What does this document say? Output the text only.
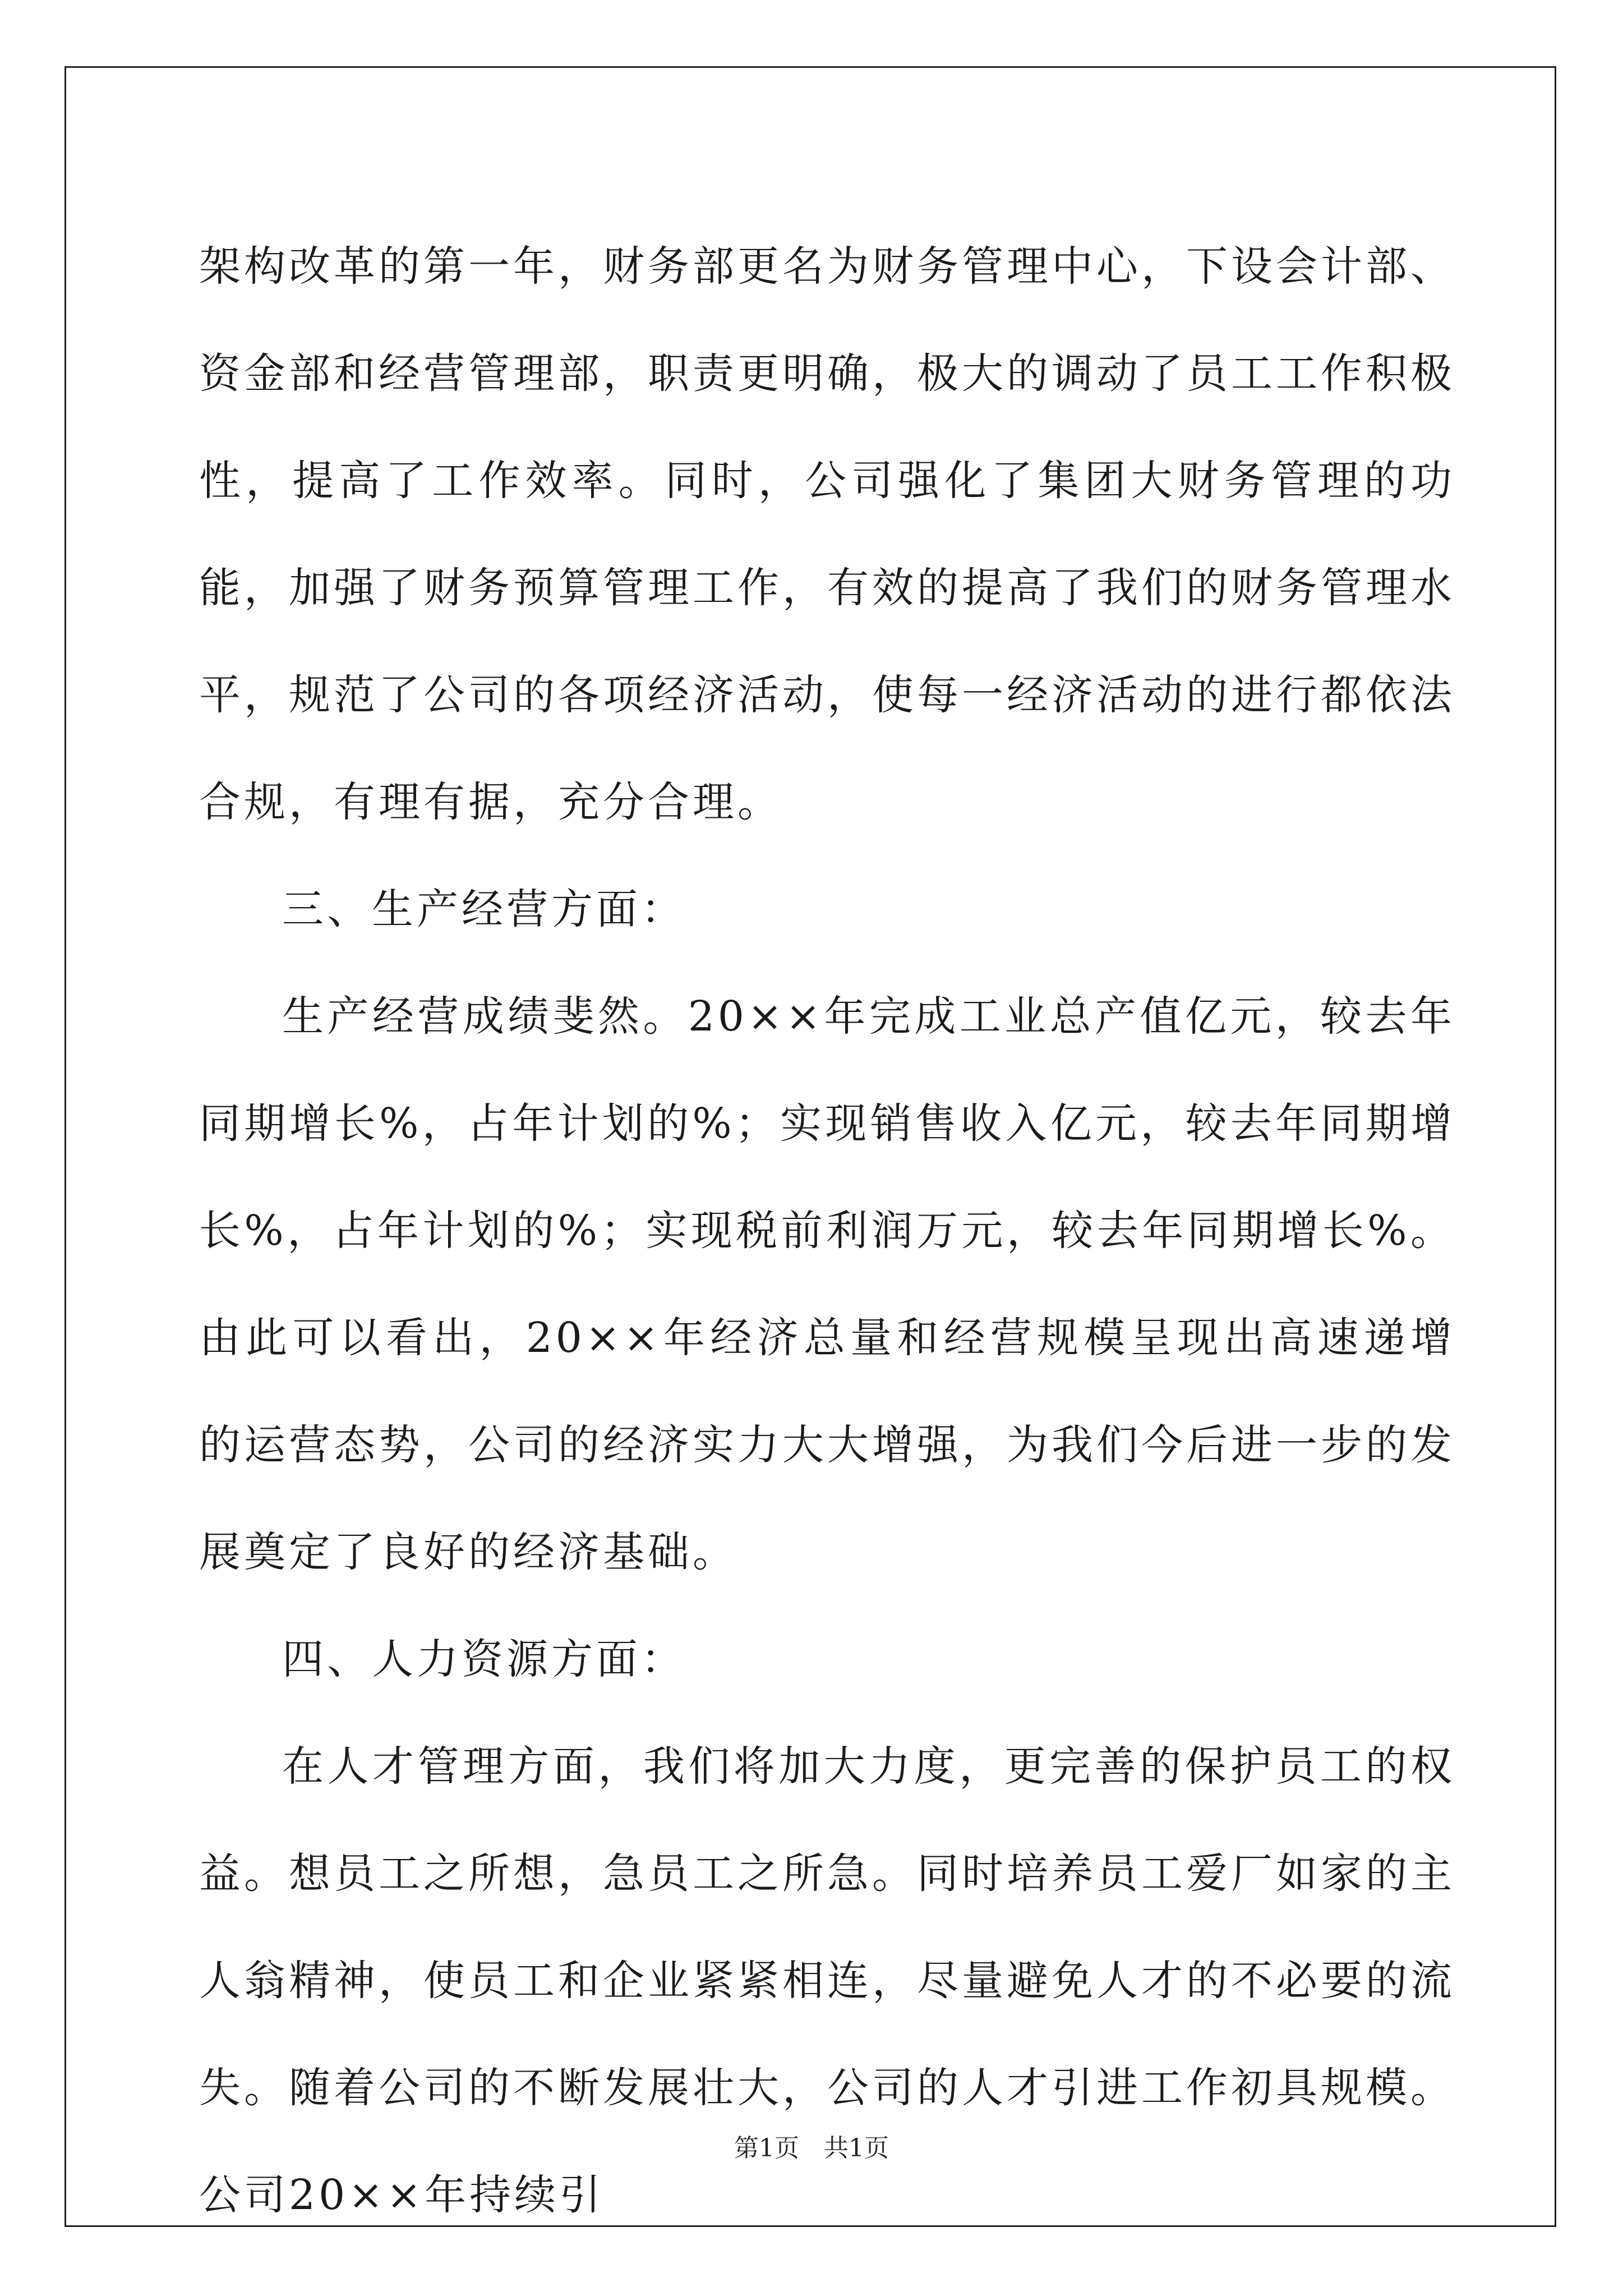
架构改革的第一年，财务部更名为财务管理中心，下设会计部、资金部和经营管理部，职责更明确，极大的调动了员工工作积极性，提高了工作效率。同时，公司强化了集团大财务管理的功能，加强了财务预算管理工作，有效的提高了我们的财务管理水平，规范了公司的各项经济活动，使每一经济活动的进行都依法合规，有理有据，充分合理。

三、生产经营方面：

生产经营成绩斐然。20××年完成工业总产值亿元，较去年同期增长%，占年计划的%；实现销售收入亿元，较去年同期增长%，占年计划的%；实现税前利润万元，较去年同期增长%。由此可以看出，20××年经济总量和经营规模呈现出高速递增的运营态势，公司的经济实力大大增强，为我们今后进一步的发展奠定了良好的经济基础。

四、人力资源方面：

在人才管理方面，我们将加大力度，更完善的保护员工的权益。想员工之所想，急员工之所急。同时培养员工爱厂如家的主人翁精神，使员工和企业紧紧相连，尽量避免人才的不必要的流失。随着公司的不断发展壮大，公司的人才引进工作初具规模。公司20××年持续引

第1页 共1页
